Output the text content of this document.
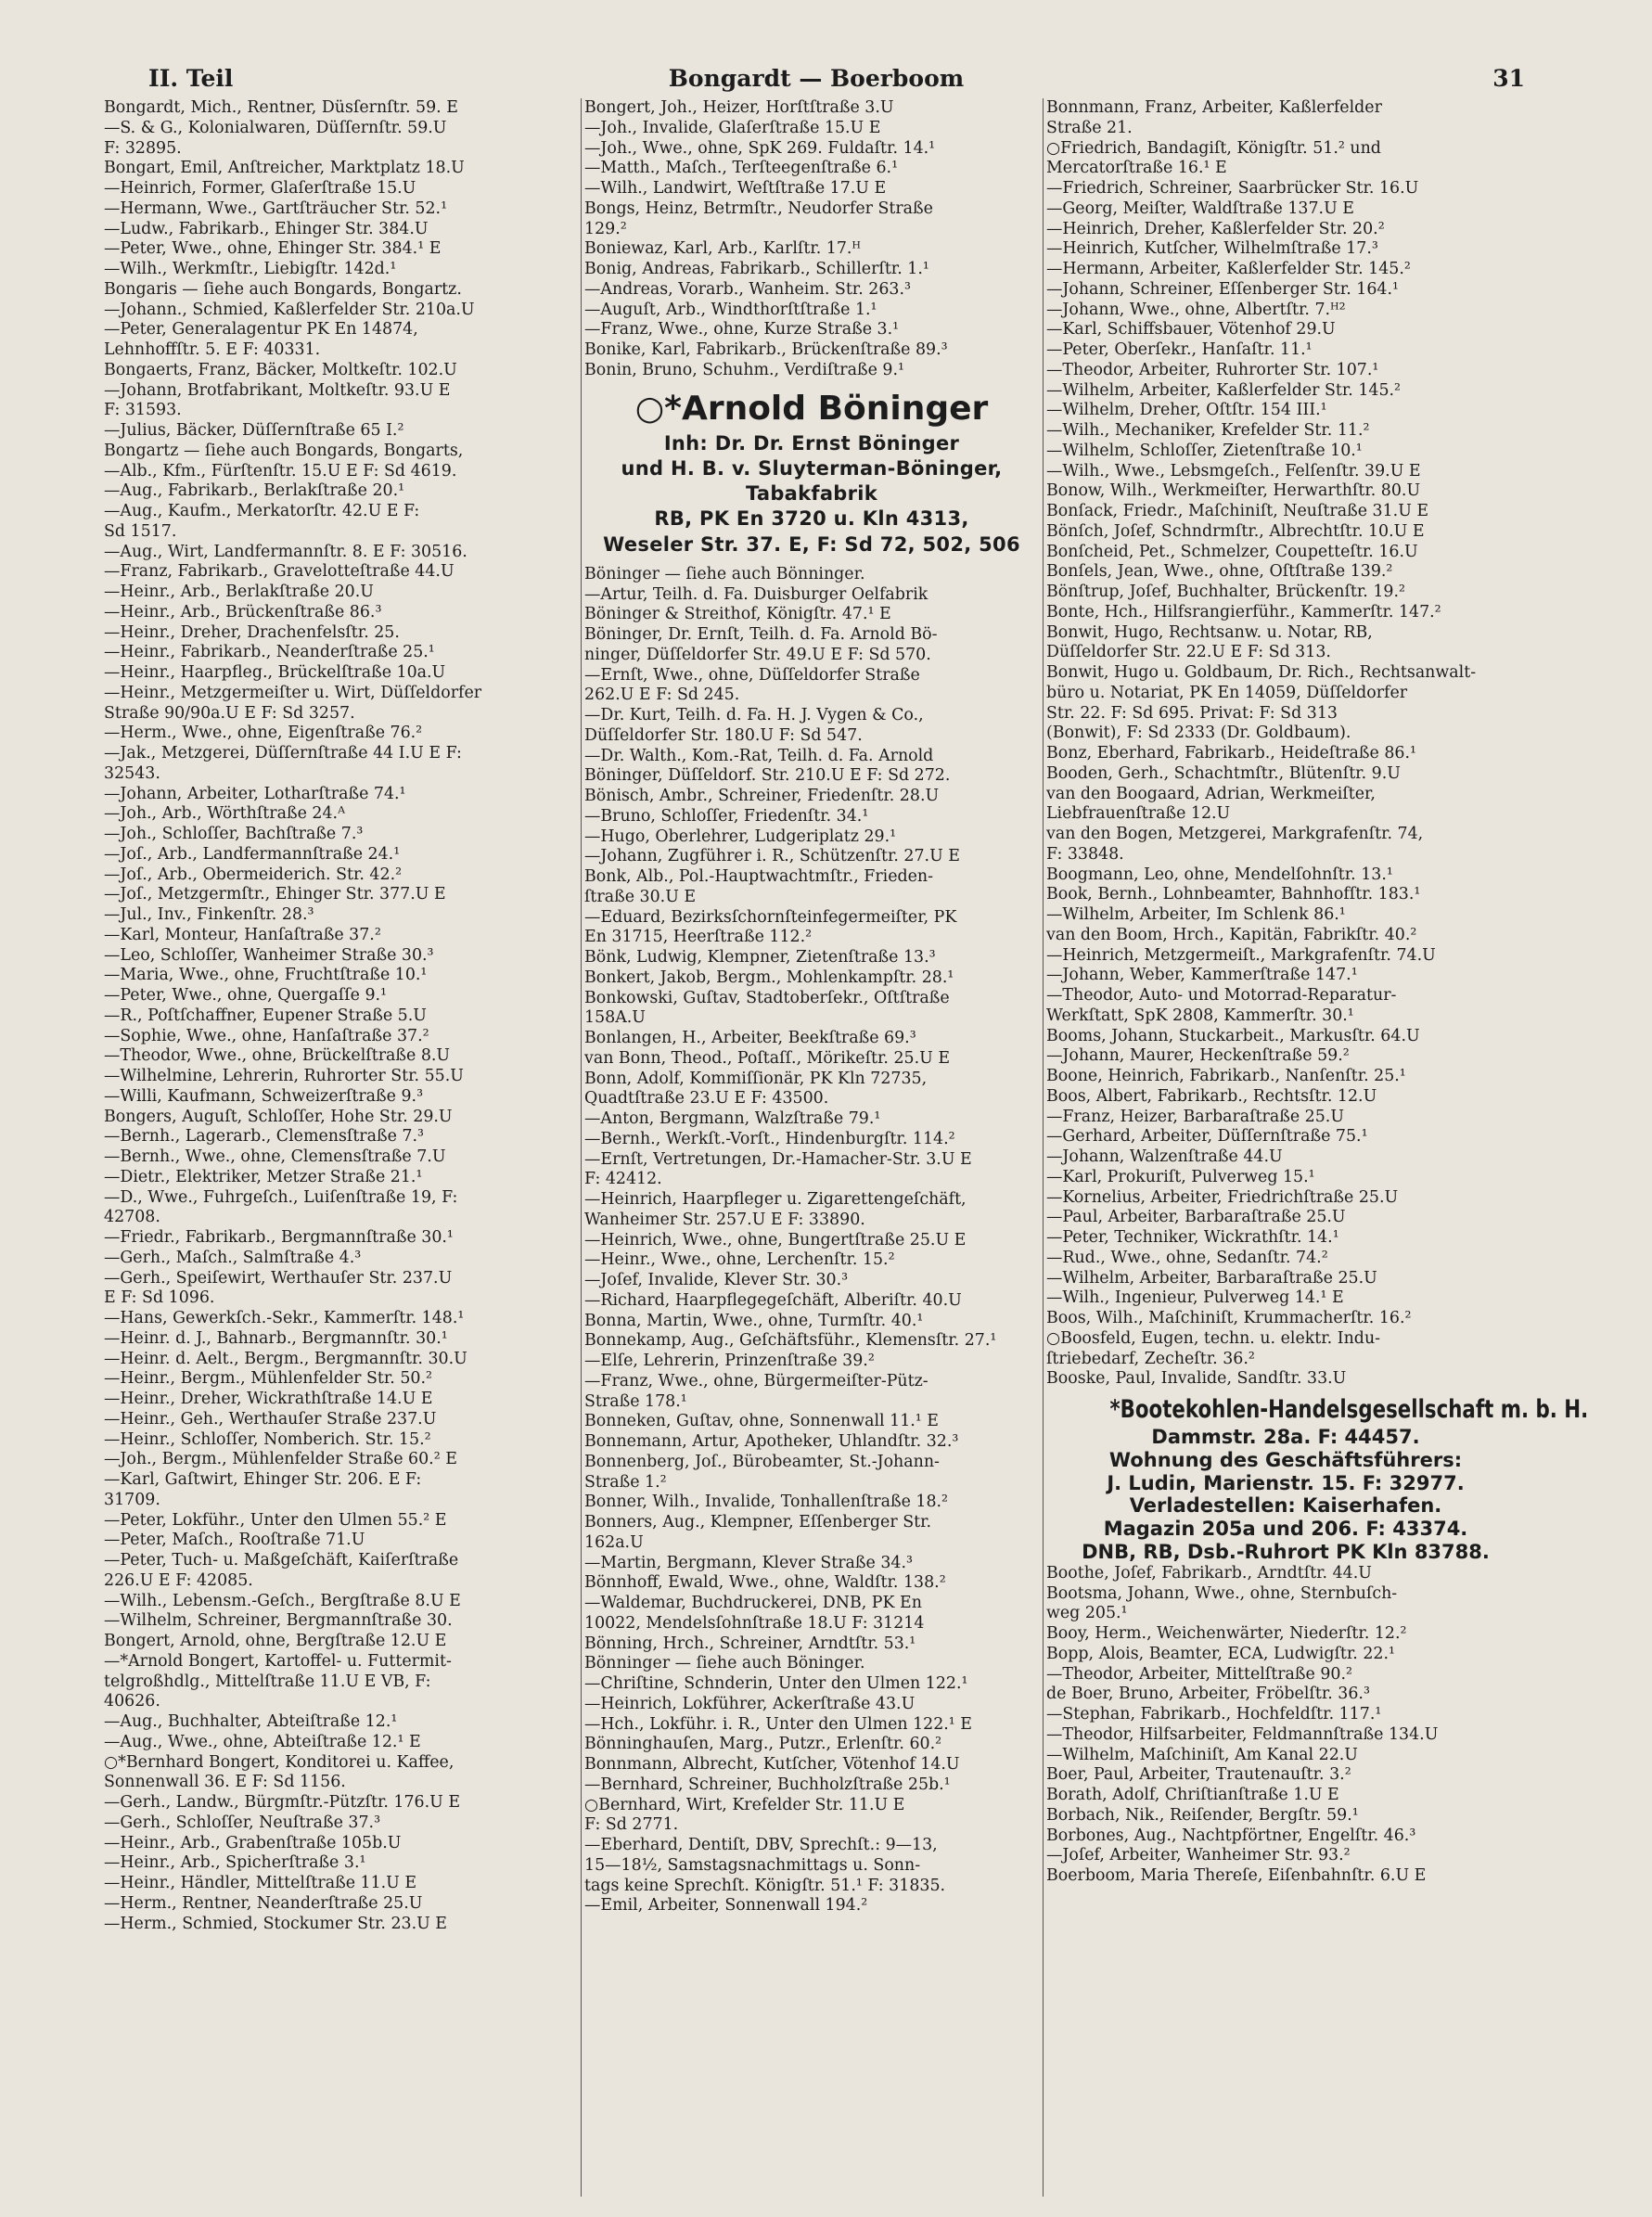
II. Teil	Bongardt — Boerboom	31
Bongardt, Mich., Rentner, Düsſernſtr. 59. E
—S. & G., Kolonialwaren, Düſſernſtr. 59.U
F: 32895.
Bongart, Emil, Anſtreicher, Marktplatz 18.U
—Heinrich, Former, Glaſerſtraße 15.U
—Hermann, Wwe., Gartſträucher Str. 52.¹
—Ludw., Fabrikarb., Ehinger Str. 384.U
—Peter, Wwe., ohne, Ehinger Str. 384.¹ E
—Wilh., Werkmſtr., Liebigſtr. 142d.¹
Bongaris — ſiehe auch Bongards, Bongartz.
—Johann., Schmied, Kaßlerfelder Str. 210a.U
—Peter, Generalagentur PK En 14874,
Lehnhoffſtr. 5. E F: 40331.
Bongaerts, Franz, Bäcker, Moltkeſtr. 102.U
—Johann, Brotfabrikant, Moltkeſtr. 93.U E
F: 31593.
—Julius, Bäcker, Düſſernſtraße 65 I.²
Bongartz — ſiehe auch Bongards, Bongarts,
—Alb., Kfm., Fürſtenſtr. 15.U E F: Sd 4619.
—Aug., Fabrikarb., Berlakſtraße 20.¹
—Aug., Kaufm., Merkatorſtr. 42.U E F:
Sd 1517.
—Aug., Wirt, Landfermannſtr. 8. E F: 30516.
—Franz, Fabrikarb., Gravelotteſtraße 44.U
—Heinr., Arb., Berlakſtraße 20.U
—Heinr., Arb., Brückenſtraße 86.³
—Heinr., Dreher, Drachenfelsſtr. 25.
—Heinr., Fabrikarb., Neanderſtraße 25.¹
—Heinr., Haarpfleg., Brückelſtraße 10a.U
—Heinr., Metzgermeiſter u. Wirt, Düſſeldorfer
Straße 90/90a.U E F: Sd 3257.
—Herm., Wwe., ohne, Eigenſtraße 76.²
—Jak., Metzgerei, Düſſernſtraße 44 I.U E F:
32543.
—Johann, Arbeiter, Lotharſtraße 74.¹
—Joh., Arb., Wörthſtraße 24.ᴬ
—Joh., Schloſſer, Bachſtraße 7.³
—Joſ., Arb., Landfermannſtraße 24.¹
—Joſ., Arb., Obermeiderich. Str. 42.²
—Joſ., Metzgermſtr., Ehinger Str. 377.U E
—Jul., Inv., Finkenſtr. 28.³
—Karl, Monteur, Hanſaſtraße 37.²
—Leo, Schloſſer, Wanheimer Straße 30.³
—Maria, Wwe., ohne, Fruchtſtraße 10.¹
—Peter, Wwe., ohne, Quergaſſe 9.¹
—R., Poſtſchaffner, Eupener Straße 5.U
—Sophie, Wwe., ohne, Hanſaſtraße 37.²
—Theodor, Wwe., ohne, Brückelſtraße 8.U
—Wilhelmine, Lehrerin, Ruhrorter Str. 55.U
—Willi, Kaufmann, Schweizerſtraße 9.³
Bongers, Auguſt, Schloſſer, Hohe Str. 29.U
—Bernh., Lagerarb., Clemensſtraße 7.³
—Bernh., Wwe., ohne, Clemensſtraße 7.U
—Dietr., Elektriker, Metzer Straße 21.¹
—D., Wwe., Fuhrgeſch., Luiſenſtraße 19, F:
42708.
—Friedr., Fabrikarb., Bergmannſtraße 30.¹
—Gerh., Maſch., Salmſtraße 4.³
—Gerh., Speiſewirt, Werthauſer Str. 237.U
E F: Sd 1096.
—Hans, Gewerkſch.-Sekr., Kammerſtr. 148.¹
—Heinr. d. J., Bahnarb., Bergmannſtr. 30.¹
—Heinr. d. Aelt., Bergm., Bergmannſtr. 30.U
—Heinr., Bergm., Mühlenfelder Str. 50.²
—Heinr., Dreher, Wickrathſtraße 14.U E
—Heinr., Geh., Werthauſer Straße 237.U
—Heinr., Schloſſer, Nomberich. Str. 15.²
—Joh., Bergm., Mühlenfelder Straße 60.² E
—Karl, Gaſtwirt, Ehinger Str. 206. E F:
31709.
—Peter, Lokführ., Unter den Ulmen 55.² E
—Peter, Maſch., Rooſtraße 71.U
—Peter, Tuch- u. Maßgeſchäft, Kaiſerſtraße
226.U E F: 42085.
—Wilh., Lebensm.-Geſch., Bergſtraße 8.U E
—Wilhelm, Schreiner, Bergmannſtraße 30.
Bongert, Arnold, ohne, Bergſtraße 12.U E
—*Arnold Bongert, Kartoffel- u. Futtermit-
telgroßhdlg., Mittelſtraße 11.U E VB, F:
40626.
—Aug., Buchhalter, Abteiſtraße 12.¹
—Aug., Wwe., ohne, Abteiſtraße 12.¹ E
○*Bernhard Bongert, Konditorei u. Kaffee,
Sonnenwall 36. E F: Sd 1156.
—Gerh., Landw., Bürgmſtr.-Pützſtr. 176.U E
—Gerh., Schloſſer, Neuſtraße 37.³
—Heinr., Arb., Grabenſtraße 105b.U
—Heinr., Arb., Spicherſtraße 3.¹
—Heinr., Händler, Mittelſtraße 11.U E
—Herm., Rentner, Neanderſtraße 25.U
—Herm., Schmied, Stockumer Str. 23.U E
Bongert, Joh., Heizer, Horſtſtraße 3.U
—Joh., Invalide, Glaſerſtraße 15.U E
—Joh., Wwe., ohne, SpK 269. Fuldaſtr. 14.¹
—Matth., Maſch., Terſteegenſtraße 6.¹
—Wilh., Landwirt, Weſtſtraße 17.U E
Bongs, Heinz, Betrmſtr., Neudorfer Straße
129.²
Boniewaz, Karl, Arb., Karlſtr. 17.ᴴ
Bonig, Andreas, Fabrikarb., Schillerſtr. 1.¹
—Andreas, Vorarb., Wanheim. Str. 263.³
—Auguſt, Arb., Windthorſtſtraße 1.¹
—Franz, Wwe., ohne, Kurze Straße 3.¹
Bonike, Karl, Fabrikarb., Brückenſtraße 89.³
Bonin, Bruno, Schuhm., Verdiſtraße 9.¹
○*Arnold Böninger
Inh: Dr. Dr. Ernst Böninger
und H. B. v. Sluyterman-Böninger,
Tabakfabrik
RB, PK En 3720 u. Kln 4313,
Weseler Str. 37. E, F: Sd 72, 502, 506
Böninger — ſiehe auch Bönninger.
—Artur, Teilh. d. Fa. Duisburger Oelfabrik
Böninger & Streithof, Königſtr. 47.¹ E
Böninger, Dr. Ernſt, Teilh. d. Fa. Arnold Bö-
ninger, Düſſeldorfer Str. 49.U E F: Sd 570.
—Ernſt, Wwe., ohne, Düſſeldorfer Straße
262.U E F: Sd 245.
—Dr. Kurt, Teilh. d. Fa. H. J. Vygen & Co.,
Düſſeldorfer Str. 180.U F: Sd 547.
—Dr. Walth., Kom.-Rat, Teilh. d. Fa. Arnold
Böninger, Düſſeldorf. Str. 210.U E F: Sd 272.
Bönisch, Ambr., Schreiner, Friedenſtr. 28.U
—Bruno, Schloſſer, Friedenſtr. 34.¹
—Hugo, Oberlehrer, Ludgeriplatz 29.¹
—Johann, Zugführer i. R., Schützenſtr. 27.U E
Bonk, Alb., Pol.-Hauptwachtmſtr., Frieden-
ſtraße 30.U E
—Eduard, Bezirksſchornſteinfegermeiſter, PK
En 31715, Heerſtraße 112.²
Bönk, Ludwig, Klempner, Zietenſtraße 13.³
Bonkert, Jakob, Bergm., Mohlenkampſtr. 28.¹
Bonkowski, Guſtav, Stadtoberſekr., Oſtſtraße
158A.U
Bonlangen, H., Arbeiter, Beekſtraße 69.³
van Bonn, Theod., Poſtaſſ., Mörikeſtr. 25.U E
Bonn, Adolf, Kommiſſionär, PK Kln 72735,
Quadtſtraße 23.U E F: 43500.
—Anton, Bergmann, Walzſtraße 79.¹
—Bernh., Werkſt.-Vorſt., Hindenburgſtr. 114.²
—Ernſt, Vertretungen, Dr.-Hamacher-Str. 3.U E
F: 42412.
—Heinrich, Haarpfleger u. Zigarettengeſchäft,
Wanheimer Str. 257.U E F: 33890.
—Heinrich, Wwe., ohne, Bungertſtraße 25.U E
—Heinr., Wwe., ohne, Lerchenſtr. 15.²
—Joſef, Invalide, Klever Str. 30.³
—Richard, Haarpflegegeſchäft, Alberiſtr. 40.U
Bonna, Martin, Wwe., ohne, Turmſtr. 40.¹
Bonnekamp, Aug., Geſchäftsführ., Klemensſtr. 27.¹
—Elſe, Lehrerin, Prinzenſtraße 39.²
—Franz, Wwe., ohne, Bürgermeiſter-Pütz-
Straße 178.¹
Bonneken, Guſtav, ohne, Sonnenwall 11.¹ E
Bonnemann, Artur, Apotheker, Uhlandſtr. 32.³
Bonnenberg, Joſ., Bürobeamter, St.-Johann-
Straße 1.²
Bonner, Wilh., Invalide, Tonhallenſtraße 18.²
Bonners, Aug., Klempner, Eſſenberger Str.
162a.U
—Martin, Bergmann, Klever Straße 34.³
Bönnhoff, Ewald, Wwe., ohne, Waldſtr. 138.²
—Waldemar, Buchdruckerei, DNB, PK En
10022, Mendelsſohnſtraße 18.U F: 31214
Bönning, Hrch., Schreiner, Arndtſtr. 53.¹
Bönninger — ſiehe auch Böninger.
—Chriſtine, Schnderin, Unter den Ulmen 122.¹
—Heinrich, Lokführer, Ackerſtraße 43.U
—Hch., Lokführ. i. R., Unter den Ulmen 122.¹ E
Bönninghauſen, Marg., Putzr., Erlenſtr. 60.²
Bonnmann, Albrecht, Kutſcher, Vötenhof 14.U
—Bernhard, Schreiner, Buchholzſtraße 25b.¹
○Bernhard, Wirt, Krefelder Str. 11.U E
F: Sd 2771.
—Eberhard, Dentiſt, DBV, Sprechſt.: 9—13,
15—18½, Samstagsnachmittags u. Sonn-
tags keine Sprechſt. Königſtr. 51.¹ F: 31835.
—Emil, Arbeiter, Sonnenwall 194.²
Bonnmann, Franz, Arbeiter, Kaßlerfelder
Straße 21.
○Friedrich, Bandagiſt, Königſtr. 51.² und
Mercatorſtraße 16.¹ E
—Friedrich, Schreiner, Saarbrücker Str. 16.U
—Georg, Meiſter, Waldſtraße 137.U E
—Heinrich, Dreher, Kaßlerfelder Str. 20.²
—Heinrich, Kutſcher, Wilhelmſtraße 17.³
—Hermann, Arbeiter, Kaßlerfelder Str. 145.²
—Johann, Schreiner, Eſſenberger Str. 164.¹
—Johann, Wwe., ohne, Albertſtr. 7.ᴴ²
—Karl, Schiffsbauer, Vötenhof 29.U
—Peter, Oberſekr., Hanſaſtr. 11.¹
—Theodor, Arbeiter, Ruhrorter Str. 107.¹
—Wilhelm, Arbeiter, Kaßlerfelder Str. 145.²
—Wilhelm, Dreher, Oſtſtr. 154 III.¹
—Wilh., Mechaniker, Krefelder Str. 11.²
—Wilhelm, Schloſſer, Zietenſtraße 10.¹
—Wilh., Wwe., Lebsmgeſch., Felſenſtr. 39.U E
Bonow, Wilh., Werkmeiſter, Herwarthſtr. 80.U
Bonſack, Friedr., Maſchiniſt, Neuſtraße 31.U E
Bönſch, Joſef, Schndrmſtr., Albrechtſtr. 10.U E
Bonſcheid, Pet., Schmelzer, Coupetteſtr. 16.U
Bonſels, Jean, Wwe., ohne, Oſtſtraße 139.²
Bönſtrup, Joſef, Buchhalter, Brückenſtr. 19.²
Bonte, Hch., Hilfsrangierführ., Kammerſtr. 147.²
Bonwit, Hugo, Rechtsanw. u. Notar, RB,
Düſſeldorfer Str. 22.U E F: Sd 313.
Bonwit, Hugo u. Goldbaum, Dr. Rich., Rechtsanwalt-
büro u. Notariat, PK En 14059, Düſſeldorfer
Str. 22. F: Sd 695. Privat: F: Sd 313
(Bonwit), F: Sd 2333 (Dr. Goldbaum).
Bonz, Eberhard, Fabrikarb., Heideſtraße 86.¹
Booden, Gerh., Schachtmſtr., Blütenſtr. 9.U
van den Boogaard, Adrian, Werkmeiſter,
Liebfrauenſtraße 12.U
van den Bogen, Metzgerei, Markgrafenſtr. 74,
F: 33848.
Boogmann, Leo, ohne, Mendelſohnſtr. 13.¹
Book, Bernh., Lohnbeamter, Bahnhofſtr. 183.¹
—Wilhelm, Arbeiter, Im Schlenk 86.¹
van den Boom, Hrch., Kapitän, Fabrikſtr. 40.²
—Heinrich, Metzgermeiſt., Markgrafenſtr. 74.U
—Johann, Weber, Kammerſtraße 147.¹
—Theodor, Auto- und Motorrad-Reparatur-
Werkſtatt, SpK 2808, Kammerſtr. 30.¹
Booms, Johann, Stuckarbeit., Markusſtr. 64.U
—Johann, Maurer, Heckenſtraße 59.²
Boone, Heinrich, Fabrikarb., Nanſenſtr. 25.¹
Boos, Albert, Fabrikarb., Rechtsſtr. 12.U
—Franz, Heizer, Barbaraſtraße 25.U
—Gerhard, Arbeiter, Düſſernſtraße 75.¹
—Johann, Walzenſtraße 44.U
—Karl, Prokuriſt, Pulverweg 15.¹
—Kornelius, Arbeiter, Friedrichſtraße 25.U
—Paul, Arbeiter, Barbaraſtraße 25.U
—Peter, Techniker, Wickrathſtr. 14.¹
—Rud., Wwe., ohne, Sedanſtr. 74.²
—Wilhelm, Arbeiter, Barbaraſtraße 25.U
—Wilh., Ingenieur, Pulverweg 14.¹ E
Boos, Wilh., Maſchiniſt, Krummacherſtr. 16.²
○Boosfeld, Eugen, techn. u. elektr. Indu-
ſtriebedarf, Zecheſtr. 36.²
Booske, Paul, Invalide, Sandſtr. 33.U
*Bootekohlen-Handelsgesellschaft m. b. H.
Dammstr. 28a. F: 44457.
Wohnung des Geschäftsführers:
J. Ludin, Marienstr. 15. F: 32977.
Verladestellen: Kaiserhafen.
Magazin 205a und 206. F: 43374.
DNB, RB, Dsb.-Ruhrort PK Kln 83788.
Boothe, Joſef, Fabrikarb., Arndtſtr. 44.U
Bootsma, Johann, Wwe., ohne, Sternbuſch-
weg 205.¹
Booy, Herm., Weichenwärter, Niederſtr. 12.²
Bopp, Alois, Beamter, ECA, Ludwigſtr. 22.¹
—Theodor, Arbeiter, Mittelſtraße 90.²
de Boer, Bruno, Arbeiter, Fröbelſtr. 36.³
—Stephan, Fabrikarb., Hochfeldſtr. 117.¹
—Theodor, Hilfsarbeiter, Feldmannſtraße 134.U
—Wilhelm, Maſchiniſt, Am Kanal 22.U
Boer, Paul, Arbeiter, Trautenauſtr. 3.²
Borath, Adolf, Chriſtianſtraße 1.U E
Borbach, Nik., Reiſender, Bergſtr. 59.¹
Borbones, Aug., Nachtpförtner, Engelſtr. 46.³
—Joſef, Arbeiter, Wanheimer Str. 93.²
Boerboom, Maria Thereſe, Eiſenbahnſtr. 6.U E
